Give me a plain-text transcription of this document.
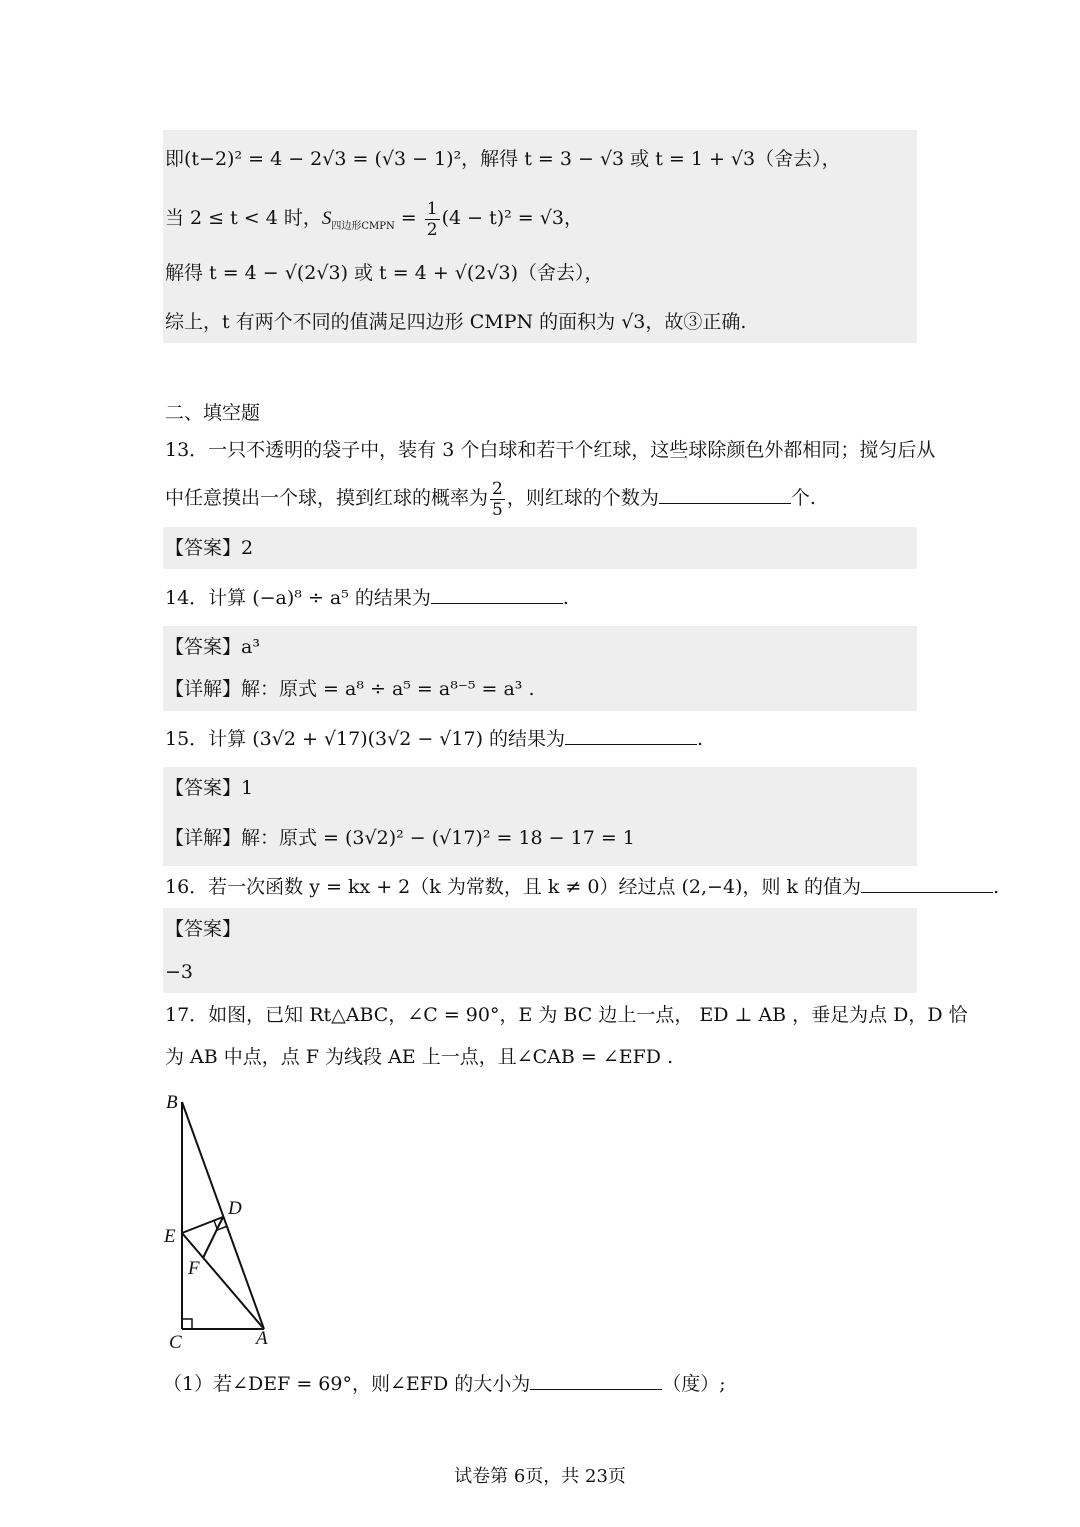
即(t−2)² = 4 − 2√3 = (√3 − 1)²，解得 t = 3 − √3 或 t = 1 + √3（舍去），
当 2 ≤ t < 4 时，$S_{四边形CMPN} = \frac{1}{2} (4 - t)^2 = √3$，
解得 t = 4 − √(2√3) 或 t = 4 + √(2√3)（舍去），
综上，t 有两个不同的值满足四边形 CMPN 的面积为 √3，故③正确.
二、填空题
13．一只不透明的袋子中，装有 3 个白球和若干个红球，这些球除颜色外都相同；搅匀后从
中任意摸出一个球，摸到红球的概率为 $\frac{2}{5}$ ，则红球的个数为	个.
【答案】2
14．计算 (−a)⁸ ÷ a⁵ 的结果为	.
【答案】a³
【详解】解：原式 = a⁸ ÷ a⁵ = a⁸⁻⁵ = a³ .
15．计算 (3√2 + √17)(3√2 − √17) 的结果为	.
【答案】1
【详解】解：原式 = (3√2)² − (√17)² = 18 − 17 = 1
16．若一次函数 y = kx + 2（k 为常数，且 k ≠ 0）经过点 (2,−4)，则 k 的值为	.
【答案】
−3
17．如图，已知 Rt△ABC，∠C = 90°，E 为 BC 边上一点， ED ⊥ AB ，垂足为点 D，D 恰
为 AB 中点，点 F 为线段 AE 上一点，且∠CAB = ∠EFD .
B
D
E
F
C	A
（1）若∠DEF = 69°，则∠EFD 的大小为	（度）;
试卷第 6页，共 23页
